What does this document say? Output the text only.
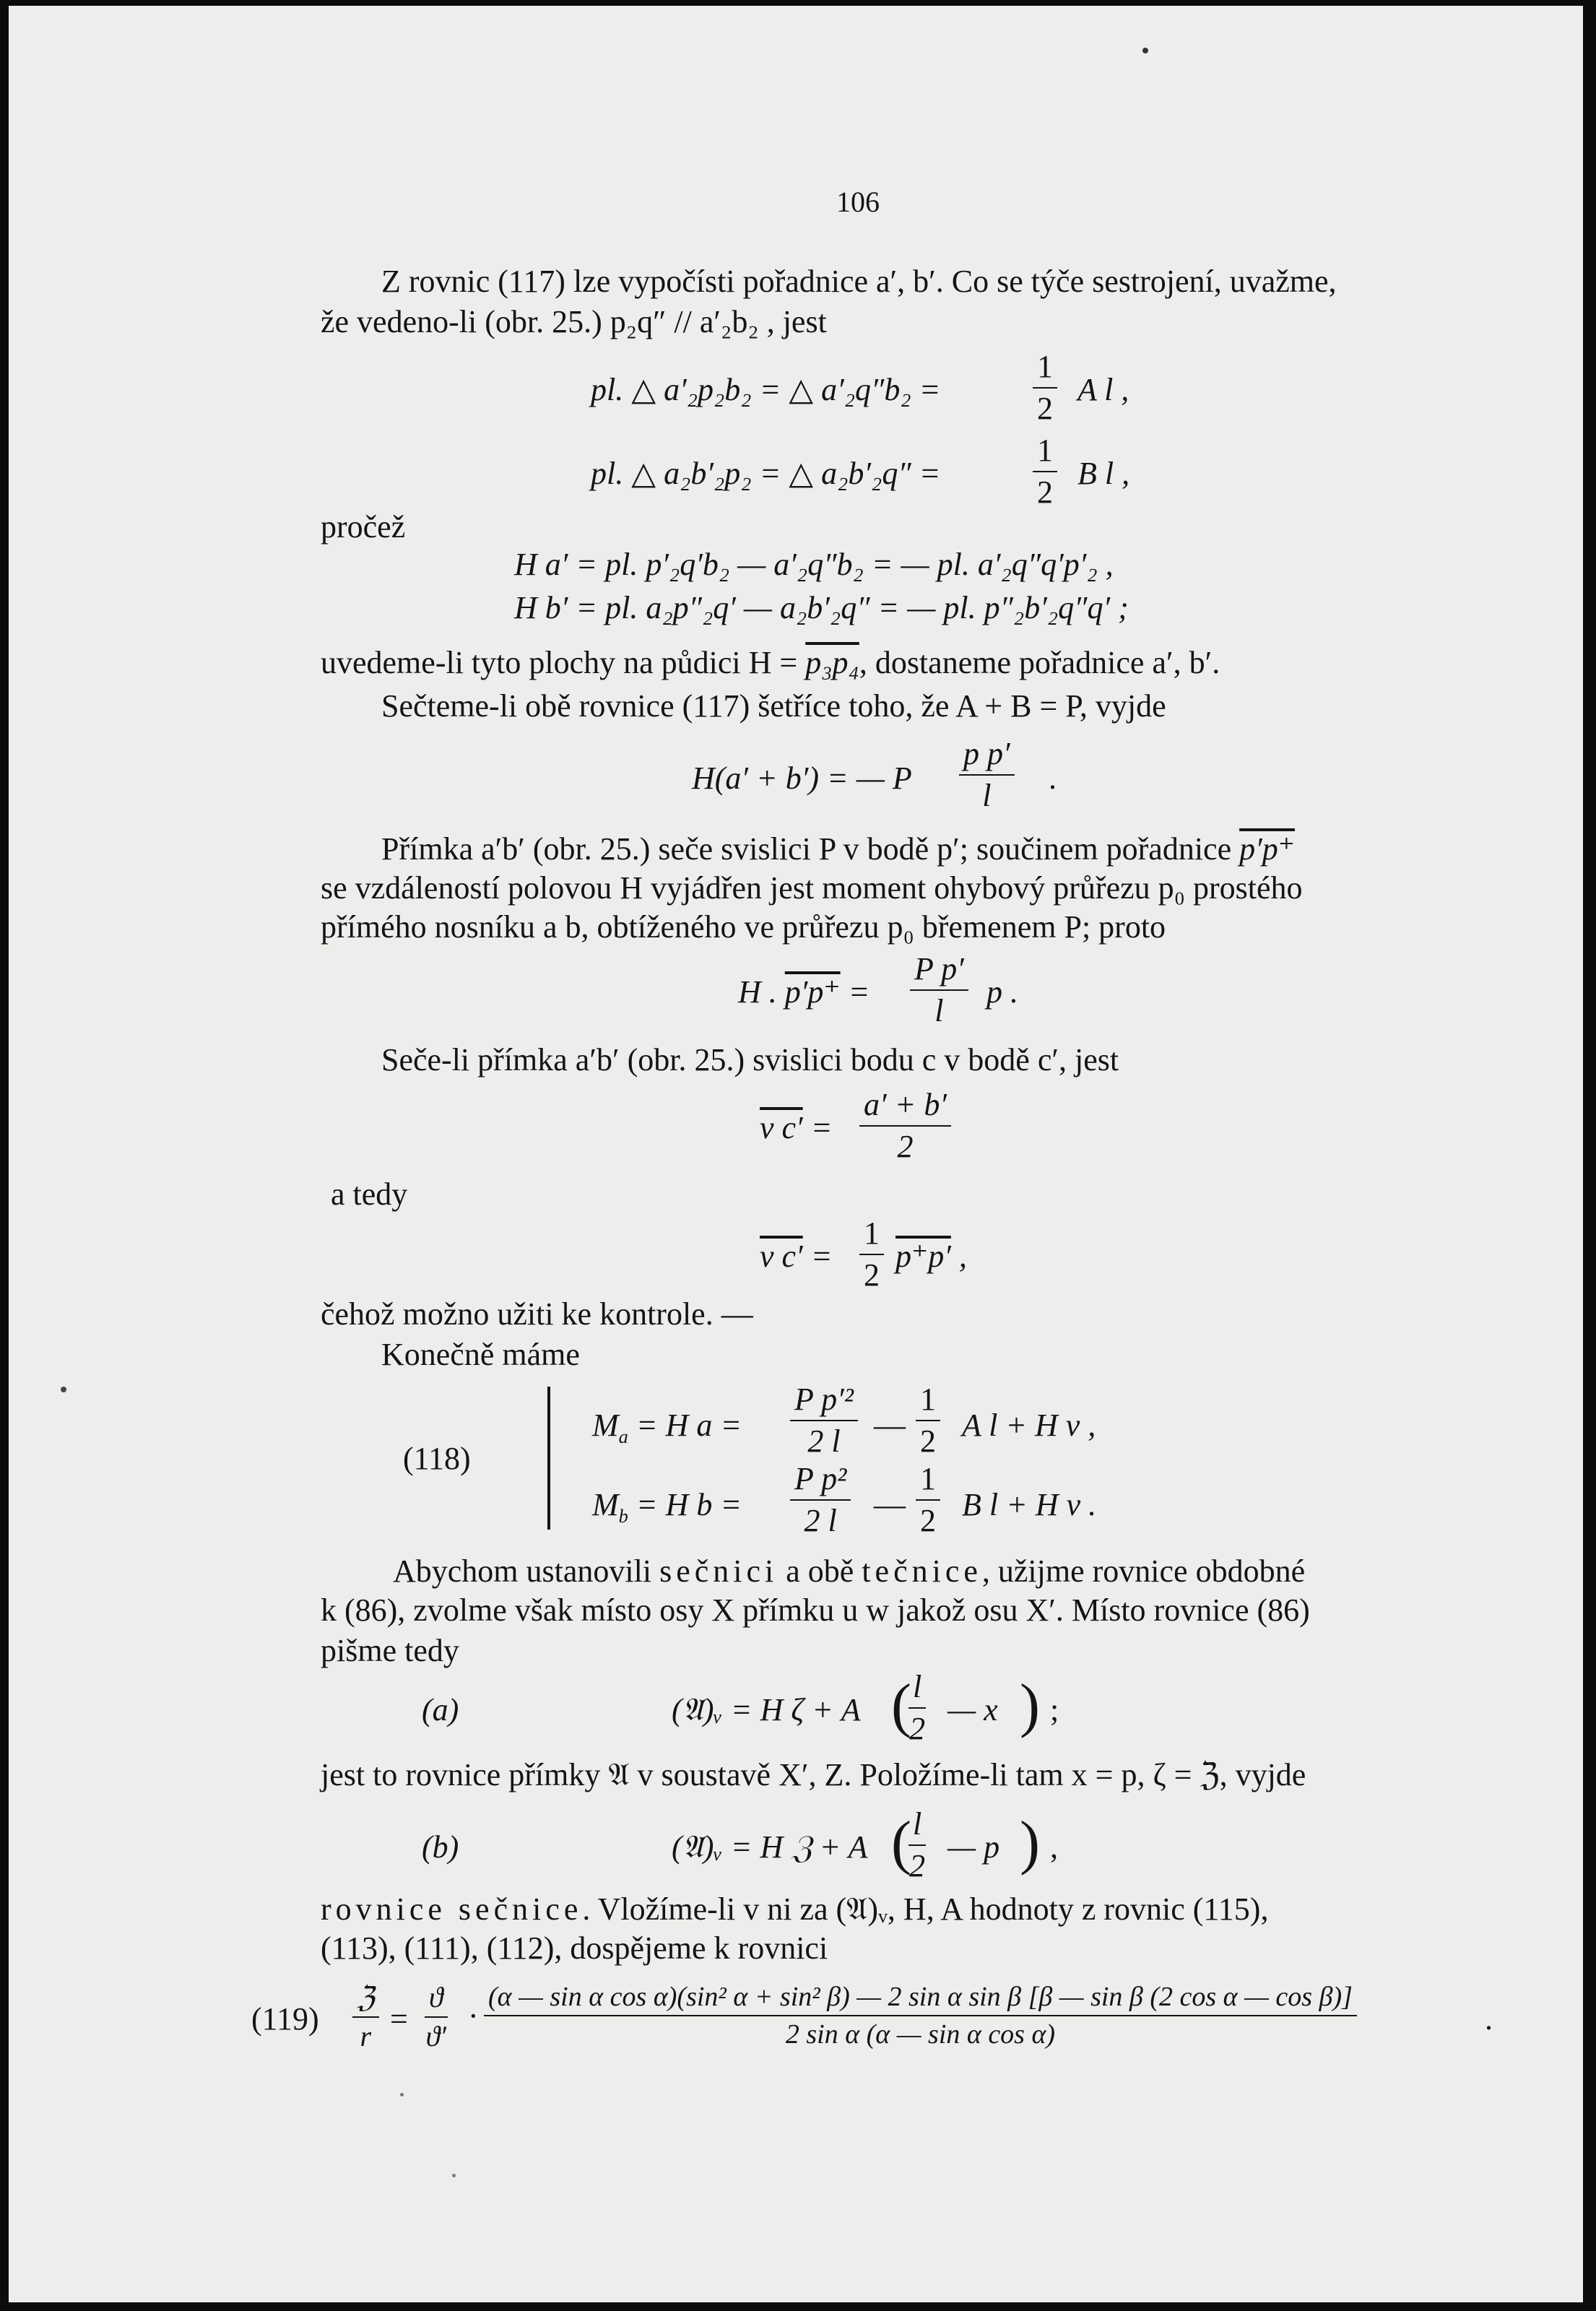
106
Z rovnic (117) lze vypočísti pořadnice a′, b′. Co se týče sestrojení, uvažme,
že vedeno-li (obr. 25.) p₂q″ // a′₂b₂ , jest
pl. △ a′₂p₂b₂ = △ a′₂q″b₂ =	$\frac{1}{2}$ A l ,
pl. △ a₂b′₂p₂ = △ a₂b′₂q″ =	$\frac{1}{2}$ B l ,
pročež
H a′ = pl. p′₂q′b₂ — a′₂q″b₂ = — pl. a′₂q″q′p′₂ ,
H b′ = pl. a₂p″₂q′ — a₂b′₂q″ = — pl. p″₂b′₂q″q′ ;
uvedeme-li tyto plochy na půdici H = p₃p₄, dostaneme pořadnice a′, b′.
Sečteme-li obě rovnice (117) šetříce toho, že A + B = P, vyjde
H(a′ + b′) = — P $\frac{\text{p p′}}{l}$ .
Přímka a′b′ (obr. 25.) seče svislici P v bodě p′; součinem pořadnice p′p⁺
se vzdáleností polovou H vyjádřen jest moment ohybový průřezu p₀ prostého
přímého nosníku a b, obtíženého ve průřezu p₀ břemenem P; proto
H . $p'p^+ = \frac{\text{P p′}}{l}$ p .
Seče-li přímka a′b′ (obr. 25.) svislici bodu c v bodě c′, jest
v $c' = \frac{a' + b'}{2}$
a tedy
v $c' = \frac{1}{2} p^+p'$ ,
čehož možno užiti ke kontrole. —
Konečně máme
(118)
$M_a = H$ $a = \frac{\text{P p′²}}{2 l}$ — $\frac{1}{2}$ A l + H v ,
$M_b = H$ $b = \frac{\text{P p²}}{2 l}$ — $\frac{1}{2}$ B l + H v .
Abychom ustanovili sečnici a obě tečnice, užijme rovnice obdobné
k (86), zvolme však místo osy X přímku u w jakož osu X′. Místo rovnice (86)
pišme tedy
(a)	(𝔄)ᵥ = H ζ + A (
$\frac{l}{2}$ — x ) ;
jest to rovnice přímky 𝔄 v soustavě X′, Z. Položíme-li tam x = p, ζ = ℨ, vyjde
(b)	(𝔄)ᵥ = H ℨ + A (
$\frac{l}{2}$ — p ) ,
rovnice sečnice. Vložíme-li v ni za (𝔄)ᵥ, H, A hodnoty z rovnic (115),
(113), (111), (112), dospějeme k rovnici
(119)
ℨ
$r = \frac{ϑ}{ϑ'}$ ·
(α — sin α cos α)(sin² α + sin² β) — 2 sin α sin β [β — sin β (2 cos α — cos β)]
2 sin α (α — sin α cos α)	.
